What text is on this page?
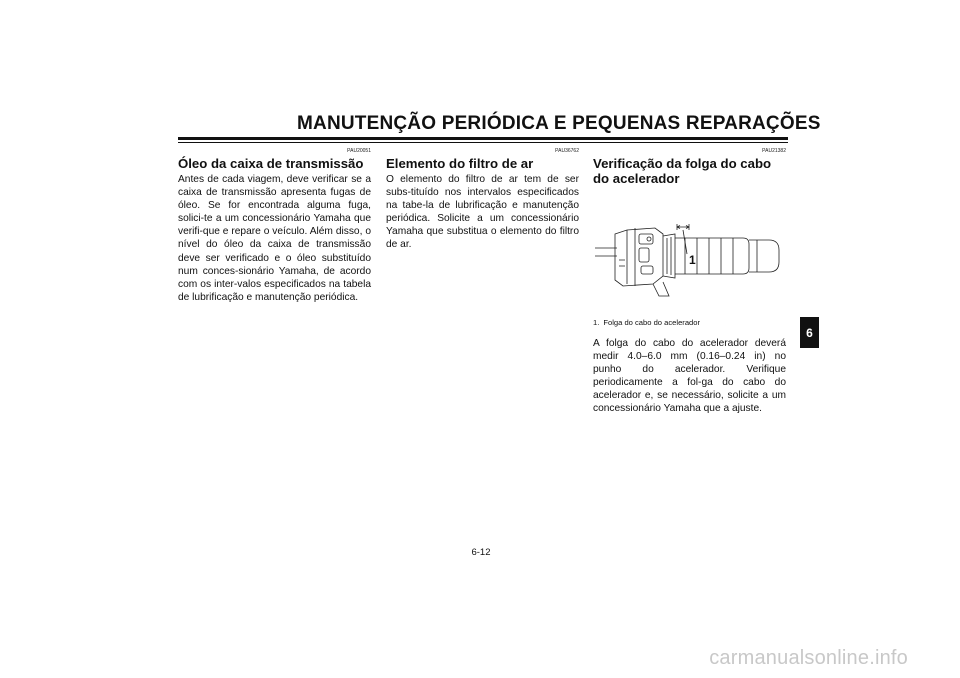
MANUTENÇÃO PERIÓDICA E PEQUENAS REPARAÇÕES
PAU20051
Óleo da caixa de transmissão

Antes de cada viagem, deve verificar se a caixa de transmissão apresenta fugas de óleo. Se for encontrada alguma fuga, solici-te a um concessionário Yamaha que verifi-que e repare o veículo. Além disso, o nível do óleo da caixa de transmissão deve ser verificado e o óleo substituído num conces-sionário Yamaha, de acordo com os inter-valos especificados na tabela de lubrificação e manutenção periódica.

PAU36762
Elemento do filtro de ar

O elemento do filtro de ar tem de ser subs-tituído nos intervalos especificados na tabe-la de lubrificação e manutenção periódica. Solicite a um concessionário Yamaha que substitua o elemento do filtro de ar.

PAU21382
Verificação da folga do cabo do acelerador
1
1. Folga do cabo do acelerador

A folga do cabo do acelerador deverá medir 4.0–6.0 mm (0.16–0.24 in) no punho do acelerador. Verifique periodicamente a fol-ga do cabo do acelerador e, se necessário, solicite a um concessionário Yamaha que a ajuste.

6
6-12
carmanualsonline.info
